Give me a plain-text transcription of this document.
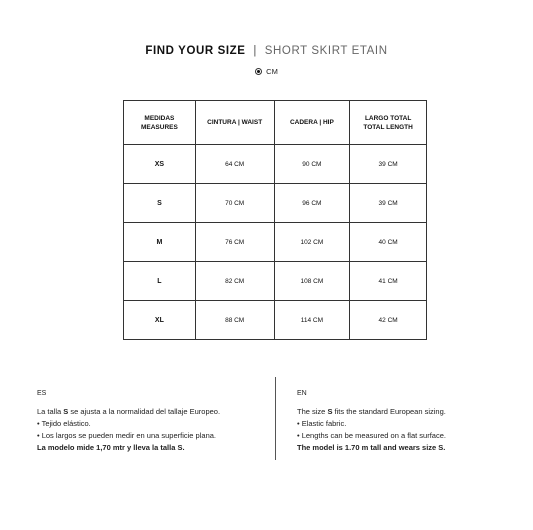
FIND YOUR SIZE | SHORT SKIRT ETAIN
CM
MEDIDAS
MEASURES	CINTURA | WAIST	CADERA | HIP	LARGO TOTAL
TOTAL LENGTH
XS	64 CM	90 CM	39 CM
S	70 CM	96 CM	39 CM
M	76 CM	102 CM	40 CM
L	82 CM	108 CM	41 CM
XL	88 CM	114 CM	42 CM
ES
La talla S se ajusta a la normalidad del tallaje Europeo.
• Tejido elástico.
• Los largos se pueden medir en una superficie plana.
La modelo mide 1,70 mtr y lleva la talla S.
EN
The size S fits the standard European sizing.
• Elastic fabric.
• Lengths can be measured on a flat surface.
The model is 1.70 m tall and wears size S.
